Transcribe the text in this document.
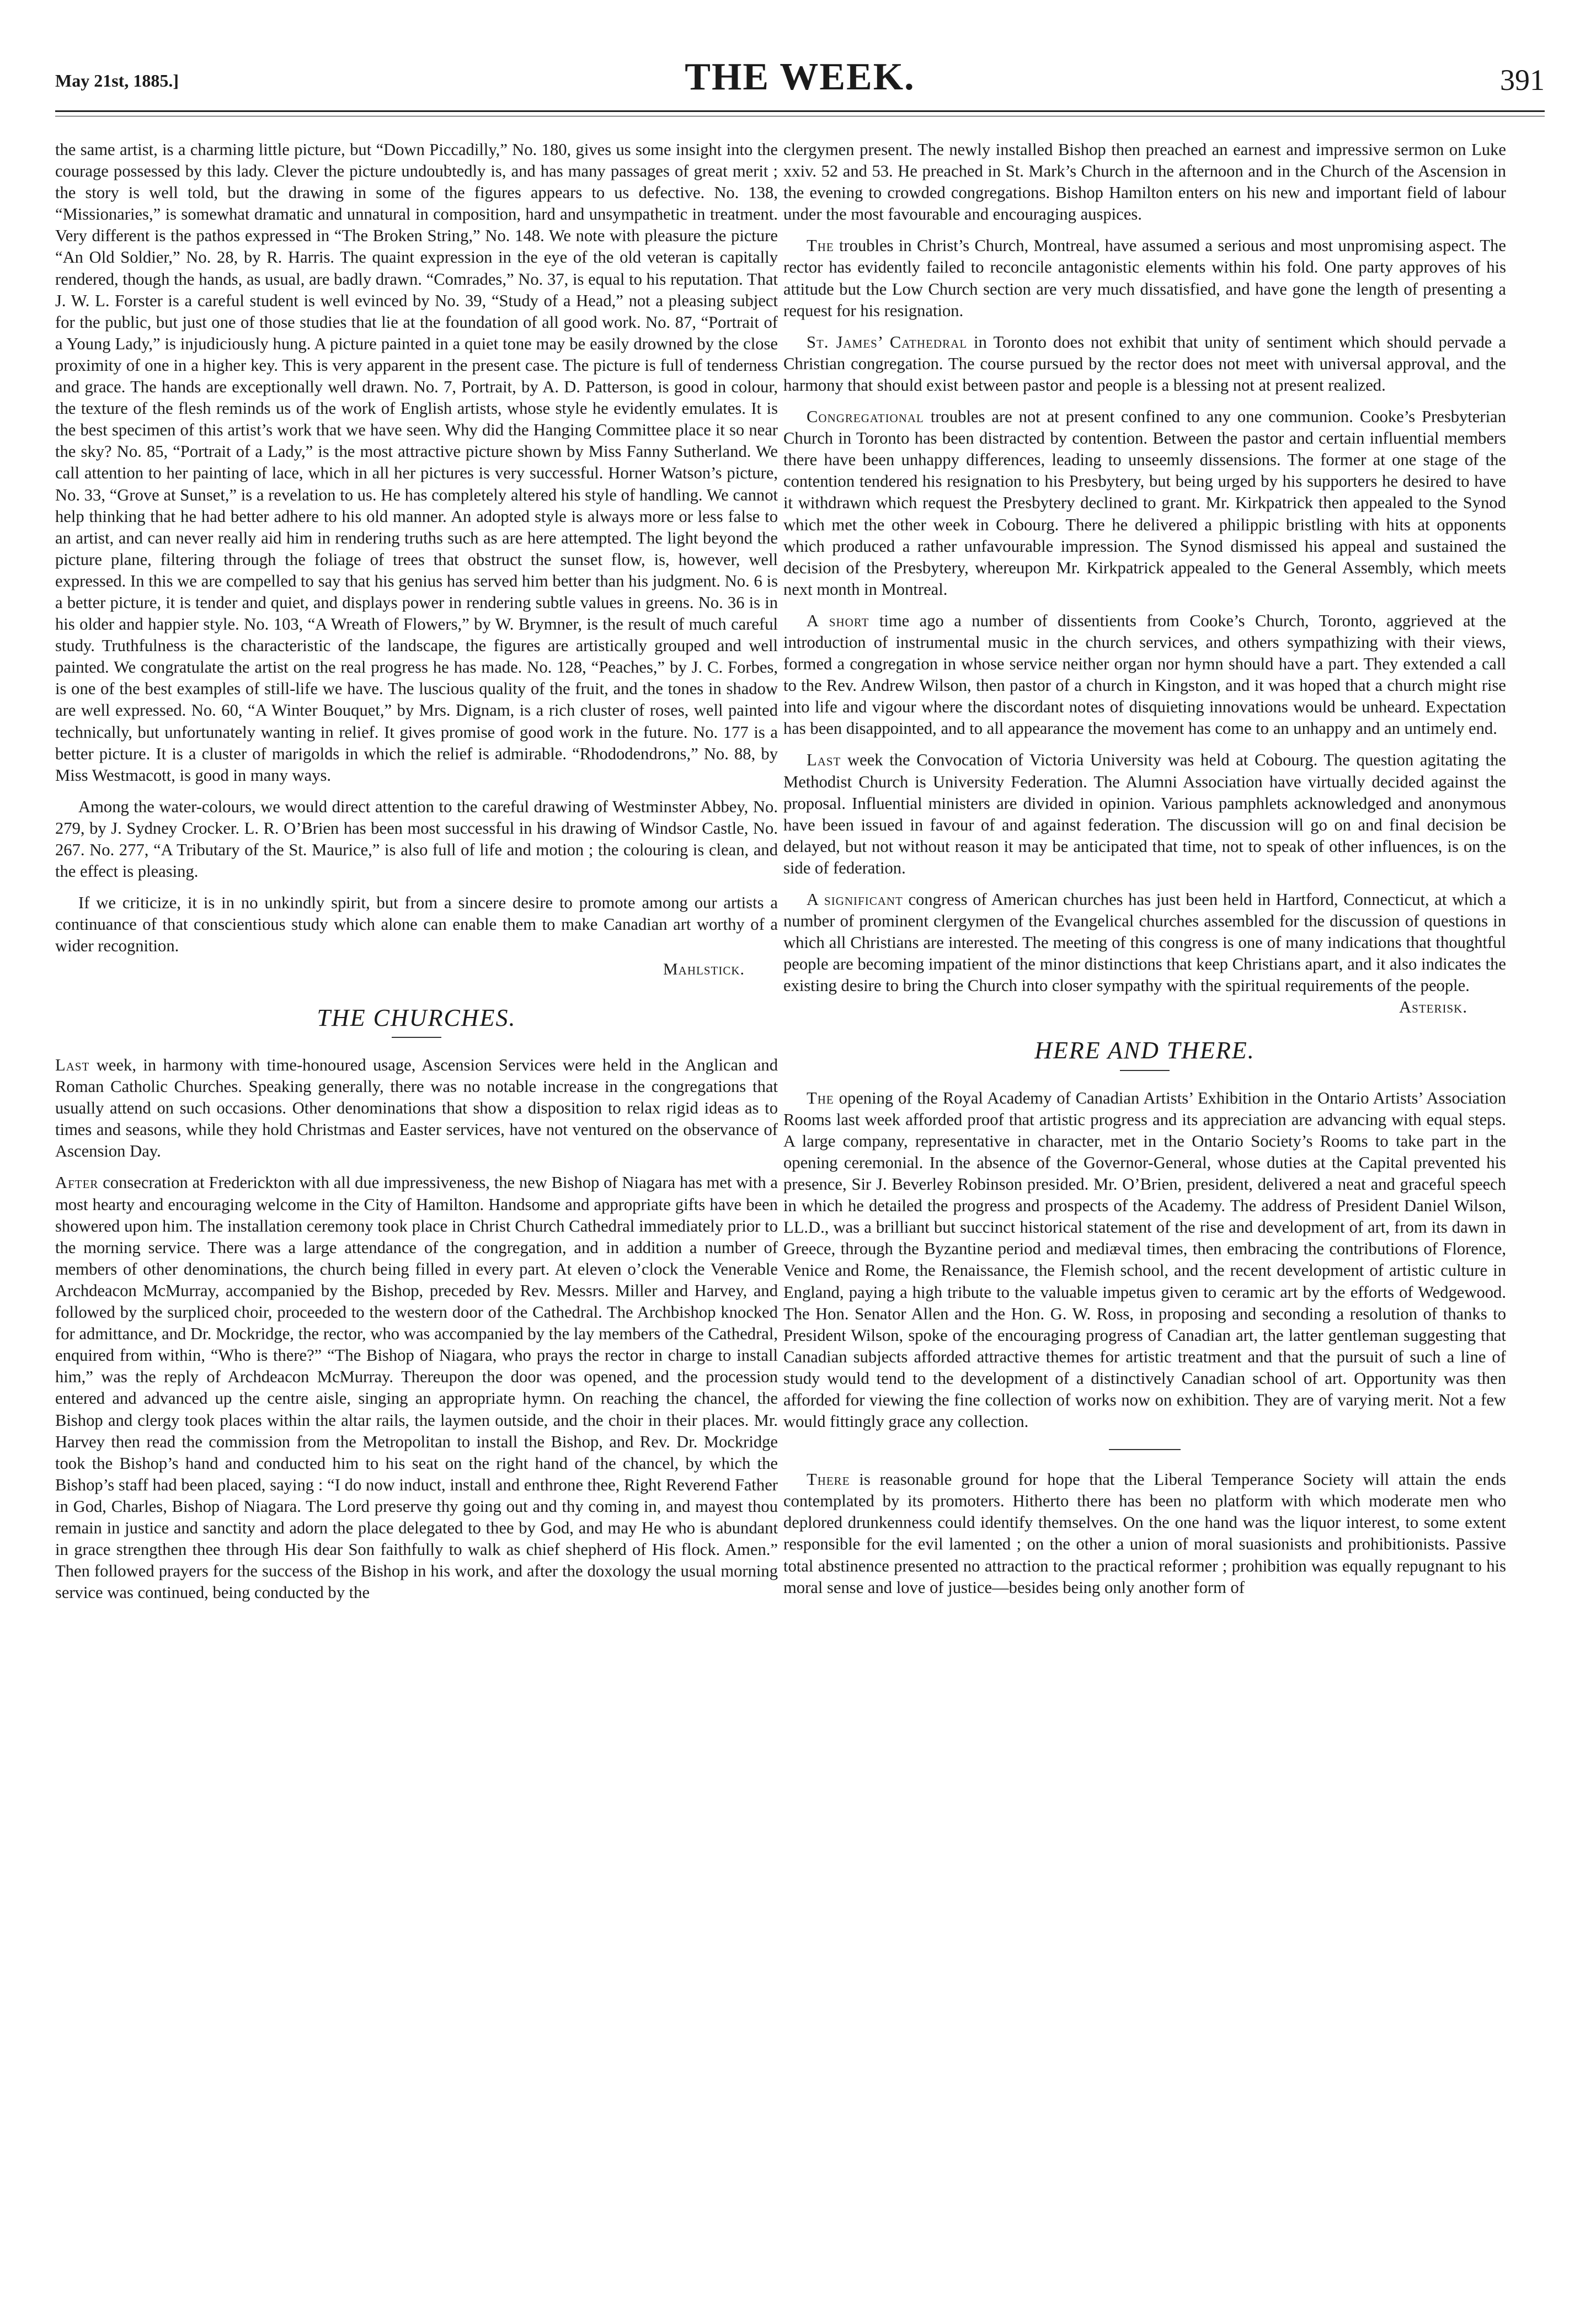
May 21st, 1885.]	THE WEEK.	391

the same artist, is a charming little picture, but “Down Piccadilly,” No. 180, gives us some insight into the courage possessed by this lady. Clever the picture undoubtedly is, and has many passages of great merit ; the story is well told, but the drawing in some of the figures appears to us defective. No. 138, “Missionaries,” is somewhat dramatic and unnatural in composition, hard and unsympathetic in treatment. Very different is the pathos expressed in “The Broken String,” No. 148. We note with pleasure the picture “An Old Soldier,” No. 28, by R. Harris. The quaint expression in the eye of the old veteran is capitally rendered, though the hands, as usual, are badly drawn. “Comrades,” No. 37, is equal to his reputation. That J. W. L. Forster is a careful student is well evinced by No. 39, “Study of a Head,” not a pleasing subject for the public, but just one of those studies that lie at the foundation of all good work. No. 87, “Portrait of a Young Lady,” is injudiciously hung. A picture painted in a quiet tone may be easily drowned by the close proximity of one in a higher key. This is very apparent in the present case. The picture is full of tenderness and grace. The hands are exceptionally well drawn. No. 7, Portrait, by A. D. Patterson, is good in colour, the texture of the flesh reminds us of the work of English artists, whose style he evidently emulates. It is the best specimen of this artist’s work that we have seen. Why did the Hanging Committee place it so near the sky? No. 85, “Portrait of a Lady,” is the most attractive picture shown by Miss Fanny Sutherland. We call attention to her painting of lace, which in all her pictures is very successful. Horner Watson’s picture, No. 33, “Grove at Sunset,” is a revelation to us. He has completely altered his style of handling. We cannot help thinking that he had better adhere to his old manner. An adopted style is always more or less false to an artist, and can never really aid him in rendering truths such as are here attempted. The light beyond the picture plane, filtering through the foliage of trees that obstruct the sunset flow, is, however, well expressed. In this we are compelled to say that his genius has served him better than his judgment. No. 6 is a better picture, it is tender and quiet, and displays power in rendering subtle values in greens. No. 36 is in his older and happier style. No. 103, “A Wreath of Flowers,” by W. Brymner, is the result of much careful study. Truthfulness is the characteristic of the landscape, the figures are artistically grouped and well painted. We congratulate the artist on the real progress he has made. No. 128, “Peaches,” by J. C. Forbes, is one of the best examples of still-life we have. The luscious quality of the fruit, and the tones in shadow are well expressed. No. 60, “A Winter Bouquet,” by Mrs. Dignam, is a rich cluster of roses, well painted technically, but unfortunately wanting in relief. It gives promise of good work in the future. No. 177 is a better picture. It is a cluster of marigolds in which the relief is admirable. “Rhododendrons,” No. 88, by Miss Westmacott, is good in many ways.

Among the water-colours, we would direct attention to the careful drawing of Westminster Abbey, No. 279, by J. Sydney Crocker. L. R. O’Brien has been most successful in his drawing of Windsor Castle, No. 267. No. 277, “A Tributary of the St. Maurice,” is also full of life and motion ; the colouring is clean, and the effect is pleasing.

If we criticize, it is in no unkindly spirit, but from a sincere desire to promote among our artists a continuance of that conscientious study which alone can enable them to make Canadian art worthy of a wider recognition.

Mahlstick.
THE CHURCHES.

Last week, in harmony with time-honoured usage, Ascension Services were held in the Anglican and Roman Catholic Churches. Speaking generally, there was no notable increase in the congregations that usually attend on such occasions. Other denominations that show a disposition to relax rigid ideas as to times and seasons, while they hold Christmas and Easter services, have not ventured on the observance of Ascension Day.

After consecration at Frederickton with all due impressiveness, the new Bishop of Niagara has met with a most hearty and encouraging welcome in the City of Hamilton. Handsome and appropriate gifts have been showered upon him. The installation ceremony took place in Christ Church Cathedral immediately prior to the morning service. There was a large attendance of the congregation, and in addition a number of members of other denominations, the church being filled in every part. At eleven o’clock the Venerable Archdeacon McMurray, accompanied by the Bishop, preceded by Rev. Messrs. Miller and Harvey, and followed by the surpliced choir, proceeded to the western door of the Cathedral. The Archbishop knocked for admittance, and Dr. Mockridge, the rector, who was accompanied by the lay members of the Cathedral, enquired from within, “Who is there?” “The Bishop of Niagara, who prays the rector in charge to install him,” was the reply of Archdeacon McMurray. Thereupon the door was opened, and the procession entered and advanced up the centre aisle, singing an appropriate hymn. On reaching the chancel, the Bishop and clergy took places within the altar rails, the laymen outside, and the choir in their places. Mr. Harvey then read the commission from the Metropolitan to install the Bishop, and Rev. Dr. Mockridge took the Bishop’s hand and conducted him to his seat on the right hand of the chancel, by which the Bishop’s staff had been placed, saying : “I do now induct, install and enthrone thee, Right Reverend Father in God, Charles, Bishop of Niagara. The Lord preserve thy going out and thy coming in, and mayest thou remain in justice and sanctity and adorn the place delegated to thee by God, and may He who is abundant in grace strengthen thee through His dear Son faithfully to walk as chief shepherd of His flock. Amen.” Then followed prayers for the success of the Bishop in his work, and after the doxology the usual morning service was continued, being conducted by the

clergymen present. The newly installed Bishop then preached an earnest and impressive sermon on Luke xxiv. 52 and 53. He preached in St. Mark’s Church in the afternoon and in the Church of the Ascension in the evening to crowded congregations. Bishop Hamilton enters on his new and important field of labour under the most favourable and encouraging auspices.

The troubles in Christ’s Church, Montreal, have assumed a serious and most unpromising aspect. The rector has evidently failed to reconcile antagonistic elements within his fold. One party approves of his attitude but the Low Church section are very much dissatisfied, and have gone the length of presenting a request for his resignation.

St. James’ Cathedral in Toronto does not exhibit that unity of sentiment which should pervade a Christian congregation. The course pursued by the rector does not meet with universal approval, and the harmony that should exist between pastor and people is a blessing not at present realized.

Congregational troubles are not at present confined to any one communion. Cooke’s Presbyterian Church in Toronto has been distracted by contention. Between the pastor and certain influential members there have been unhappy differences, leading to unseemly dissensions. The former at one stage of the contention tendered his resignation to his Presbytery, but being urged by his supporters he desired to have it withdrawn which request the Presbytery declined to grant. Mr. Kirkpatrick then appealed to the Synod which met the other week in Cobourg. There he delivered a philippic bristling with hits at opponents which produced a rather unfavourable impression. The Synod dismissed his appeal and sustained the decision of the Presbytery, whereupon Mr. Kirkpatrick appealed to the General Assembly, which meets next month in Montreal.

A short time ago a number of dissentients from Cooke’s Church, Toronto, aggrieved at the introduction of instrumental music in the church services, and others sympathizing with their views, formed a congregation in whose service neither organ nor hymn should have a part. They extended a call to the Rev. Andrew Wilson, then pastor of a church in Kingston, and it was hoped that a church might rise into life and vigour where the discordant notes of disquieting innovations would be unheard. Expectation has been disappointed, and to all appearance the movement has come to an unhappy and an untimely end.

Last week the Convocation of Victoria University was held at Cobourg. The question agitating the Methodist Church is University Federation. The Alumni Association have virtually decided against the proposal. Influential ministers are divided in opinion. Various pamphlets acknowledged and anonymous have been issued in favour of and against federation. The discussion will go on and final decision be delayed, but not without reason it may be anticipated that time, not to speak of other influences, is on the side of federation.

A significant congress of American churches has just been held in Hartford, Connecticut, at which a number of prominent clergymen of the Evangelical churches assembled for the discussion of questions in which all Christians are interested. The meeting of this congress is one of many indications that thoughtful people are becoming impatient of the minor distinctions that keep Christians apart, and it also indicates the existing desire to bring the Church into closer sympathy with the spiritual requirements of the people.
Asterisk.

HERE AND THERE.

The opening of the Royal Academy of Canadian Artists’ Exhibition in the Ontario Artists’ Association Rooms last week afforded proof that artistic progress and its appreciation are advancing with equal steps. A large company, representative in character, met in the Ontario Society’s Rooms to take part in the opening ceremonial. In the absence of the Governor-General, whose duties at the Capital prevented his presence, Sir J. Beverley Robinson presided. Mr. O’Brien, president, delivered a neat and graceful speech in which he detailed the progress and prospects of the Academy. The address of President Daniel Wilson, LL.D., was a brilliant but succinct historical statement of the rise and development of art, from its dawn in Greece, through the Byzantine period and mediæval times, then embracing the contributions of Florence, Venice and Rome, the Renaissance, the Flemish school, and the recent development of artistic culture in England, paying a high tribute to the valuable impetus given to ceramic art by the efforts of Wedgewood. The Hon. Senator Allen and the Hon. G. W. Ross, in proposing and seconding a resolution of thanks to President Wilson, spoke of the encouraging progress of Canadian art, the latter gentleman suggesting that Canadian subjects afforded attractive themes for artistic treatment and that the pursuit of such a line of study would tend to the development of a distinctively Canadian school of art. Opportunity was then afforded for viewing the fine collection of works now on exhibition. They are of varying merit. Not a few would fittingly grace any collection.

There is reasonable ground for hope that the Liberal Temperance Society will attain the ends contemplated by its promoters. Hitherto there has been no platform with which moderate men who deplored drunkenness could identify themselves. On the one hand was the liquor interest, to some extent responsible for the evil lamented ; on the other a union of moral suasionists and prohibitionists. Passive total abstinence presented no attraction to the practical reformer ; prohibition was equally repugnant to his moral sense and love of justice—besides being only another form of
